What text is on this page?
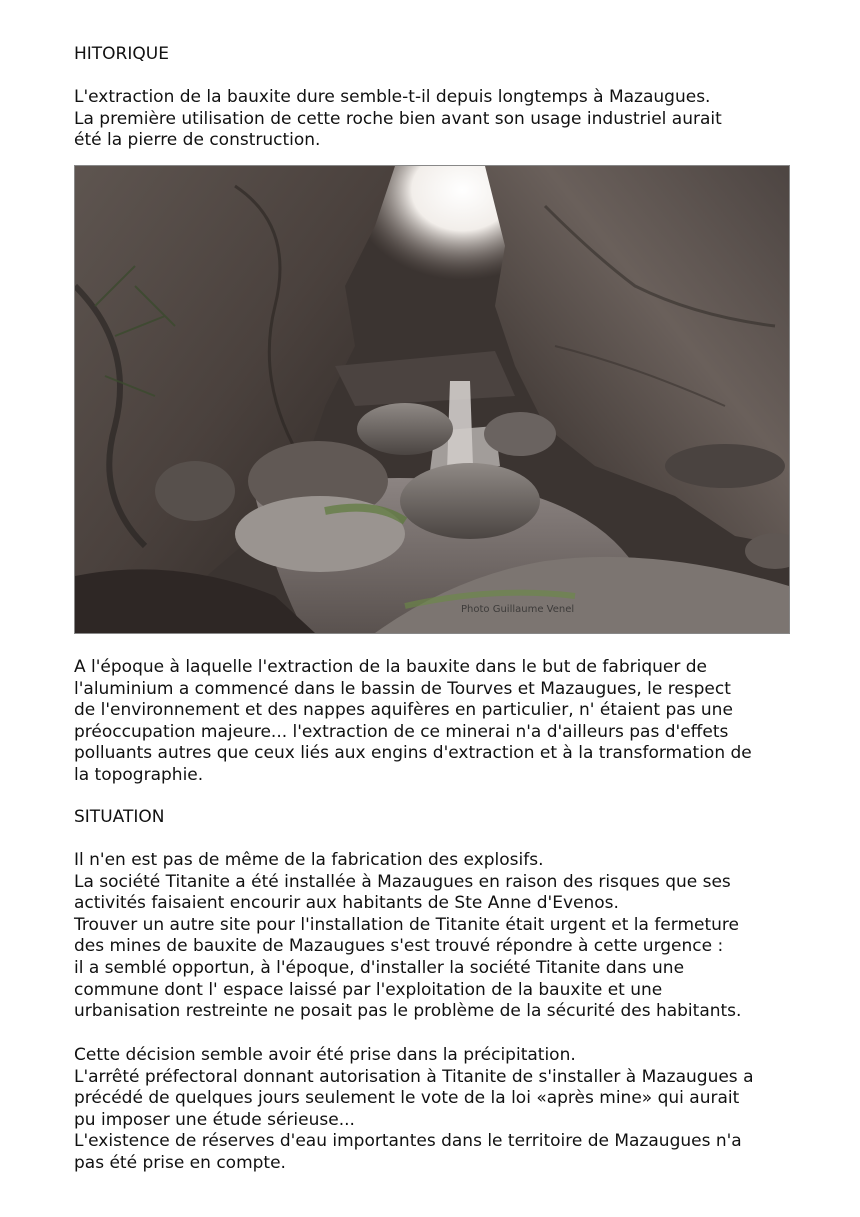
HITORIQUE
L'extraction de la bauxite dure semble-t-il depuis longtemps à Mazaugues.
La première utilisation de cette roche bien avant son usage industriel aurait
été la pierre de construction.
Photo Guillaume Venel
A l'époque à laquelle l'extraction de la bauxite dans le but de fabriquer de
l'aluminium a commencé dans le bassin de Tourves et Mazaugues, le respect
de l'environnement et des nappes aquifères en particulier, n' étaient pas une
préoccupation majeure... l'extraction de ce minerai n'a d'ailleurs pas d'effets
polluants autres que ceux liés aux engins d'extraction et à la transformation de
la topographie.
SITUATION
Il n'en est pas de même de la fabrication des explosifs.
La société Titanite a été installée à Mazaugues en raison des risques que ses
activités faisaient encourir aux habitants de Ste Anne d'Evenos.
Trouver un autre site pour l'installation de Titanite était urgent et la fermeture
des mines de bauxite de Mazaugues s'est trouvé répondre à cette urgence :
il a semblé opportun, à l'époque, d'installer la société Titanite dans une
commune dont l' espace laissé par l'exploitation de la bauxite et une
urbanisation restreinte ne posait pas le problème de la sécurité des habitants.
Cette décision semble avoir été prise dans la précipitation.
L'arrêté préfectoral donnant autorisation à Titanite de s'installer à Mazaugues a
précédé de quelques jours seulement le vote de la loi «après mine» qui aurait
pu imposer une étude sérieuse...
L'existence de réserves d'eau importantes dans le territoire de Mazaugues n'a
pas été prise en compte.
